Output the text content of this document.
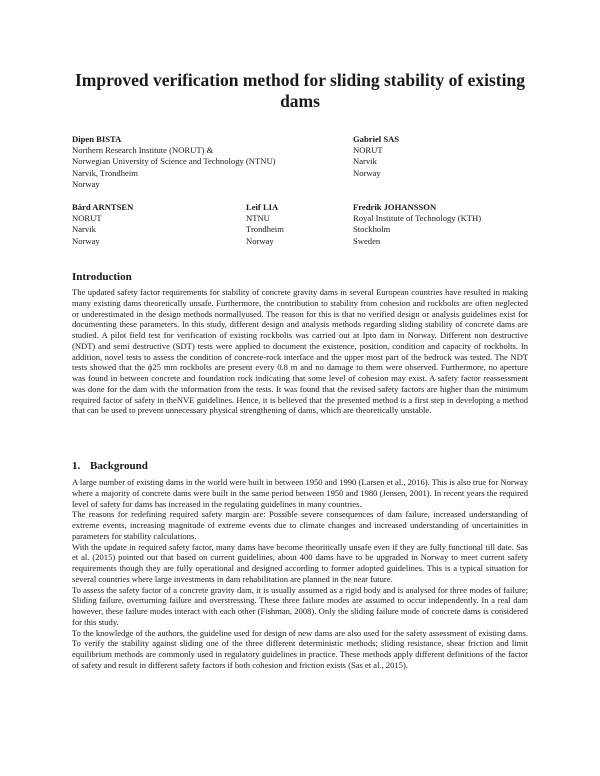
Improved verification method for sliding stability of existing dams
Dipen BISTA
Northern Research Institute (NORUT) &
Norwegian University of Science and Technology (NTNU)
Narvik, Trondheim
Norway
Gabriel SAS
NORUT
Narvik
Norway
Bård ARNTSEN
NORUT
Narvik
Norway
Leif LIA
NTNU
Trondheim
Norway
Fredrik JOHANSSON
Royal Institute of Technology (KTH)
Stockholm
Sweden
Introduction

The updated safety factor requirements for stability of concrete gravity dams in several European countries have resulted in making many existing dams theoretically unsafe. Furthermore, the contribution to stability from cohesion and rockbolts are often neglected or underestimated in the design methods normallyused. The reason for this is that no verified design or analysis guidelines exist for documenting these parameters. In this study, different design and analysis methods regarding sliding stability of concrete dams are studied. A pilot field test for verification of existing rockbolts was carried out at Ipto dam in Norway. Different non destructive (NDT) and semi destructive (SDT) tests were applied to document the existence, position, condition and capacity of rockbolts. In addition, novel tests to assess the condition of concrete-rock interface and the upper most part of the bedrock was tested. The NDT tests showed that the ϕ25 mm rockbolts are present every 0.8 m and no damage to them were observed. Furthermore, no aperture was found in between concrete and foundation rock indicating that some level of cohesion may exist. A safety factor reassessment was done for the dam with the information from the tests. It was found that the revised safety factors are higher than the minimum required factor of safety in theNVE guidelines. Hence, it is believed that the presented method is a first step in developing a method that can be used to prevent unnecessary physical strengthening of dams, which are theoretically unstable.

1. Background

A large number of existing dams in the world were built in between 1950 and 1990 (Larsen et al., 2016). This is also true for Norway where a majority of concrete dams were built in the same period between 1950 and 1980 (Jensen, 2001). In recent years the required level of safety for dams has increased in the regulating guidelines in many countries.

The reasons for redefining required safety margin are: Possible severe consequences of dam failure, increased understanding of extreme events, increasing magnitude of extreme events due to climate changes and increased understanding of uncertainities in parameters for stability calculations.

With the update in required safety factor, many dams have become theoritically unsafe even if they are fully functional till date. Sas et al. (2015) pointed out that based on current guidelines, about 400 dams have to be upgraded in Norway to meet current safety requirements though they are fully operational and designed according to former adopted guidelines. This is a typical situation for several countries where large investments in dam rehabilitation are planned in the near future.

To assess the safety factor of a concrete gravity dam, it is usually assumed as a rigid body and is analysed for three modes of failure; Sliding failure, overturning failure and overstressing. These three failure modes are assumed to occur independently. In a real dam however, these failure modes interact with each other (Fishman, 2008). Only the sliding failure mode of concrete dams is considered for this study.

To the knowledge of the authors, the guideline used for design of new dams are also used for the safety assessment of existing dams. To verify the stability against sliding one of the three different deterministic methods; sliding resistance, shear friction and limit equilibrium methods are commonly used in regulatory guidelines in practice. These methods apply different definitions of the factor of safety and result in different safety factors if both cohesion and friction exists (Sas et al., 2015).
